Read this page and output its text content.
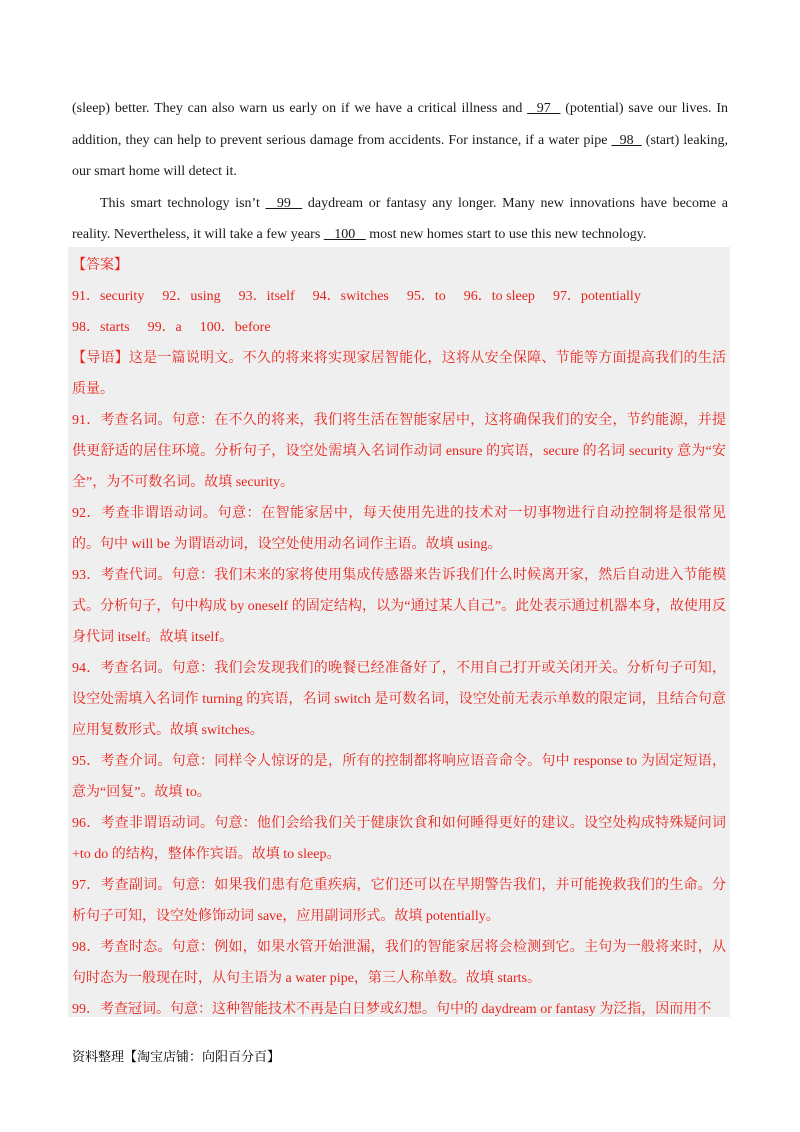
(sleep) better. They can also warn us early on if we have a critical illness and   97   (potential) save our lives. In addition, they can help to prevent serious damage from accidents. For instance, if a water pipe   98   (start) leaking, our smart home will detect it.

This smart technology isn’t   99   daydream or fantasy any longer. Many new innovations have become a reality. Nevertheless, it will take a few years    100    most new homes start to use this new technology.

【答案】

91．security 92．using 93．itself 94．switches 95．to 96．to sleep 97．potentially

98．starts 99．a 100．before

【导语】这是一篇说明文。不久的将来将实现家居智能化，这将从安全保障、节能等方面提高我们的生活质量。

91．考查名词。句意：在不久的将来，我们将生活在智能家居中，这将确保我们的安全，节约能源，并提供更舒适的居住环境。分析句子，设空处需填入名词作动词 ensure 的宾语，secure 的名词 security 意为“安全”，为不可数名词。故填 security。

92．考查非谓语动词。句意：在智能家居中，每天使用先进的技术对一切事物进行自动控制将是很常见的。句中 will be 为谓语动词，设空处使用动名词作主语。故填 using。

93．考查代词。句意：我们未来的家将使用集成传感器来告诉我们什么时候离开家，然后自动进入节能模式。分析句子，句中构成 by oneself 的固定结构，以为“通过某人自己”。此处表示通过机器本身，故使用反身代词 itself。故填 itself。

94．考查名词。句意：我们会发现我们的晚餐已经准备好了，不用自己打开或关闭开关。分析句子可知，设空处需填入名词作 turning 的宾语，名词 switch 是可数名词，设空处前无表示单数的限定词，且结合句意应用复数形式。故填 switches。

95．考查介词。句意：同样令人惊讶的是，所有的控制都将响应语音命令。句中 response to 为固定短语，意为“回复”。故填 to。

96．考查非谓语动词。句意：他们会给我们关于健康饮食和如何睡得更好的建议。设空处构成特殊疑问词+to do 的结构，整体作宾语。故填 to sleep。

97．考查副词。句意：如果我们患有危重疾病，它们还可以在早期警告我们，并可能挽救我们的生命。分析句子可知，设空处修饰动词 save，应用副词形式。故填 potentially。

98．考查时态。句意：例如，如果水管开始泄漏，我们的智能家居将会检测到它。主句为一般将来时，从句时态为一般现在时，从句主语为 a water pipe，第三人称单数。故填 starts。

99．考查冠词。句意：这种智能技术不再是白日梦或幻想。句中的 daydream or fantasy 为泛指，因而用不

资料整理【淘宝店铺：向阳百分百】
